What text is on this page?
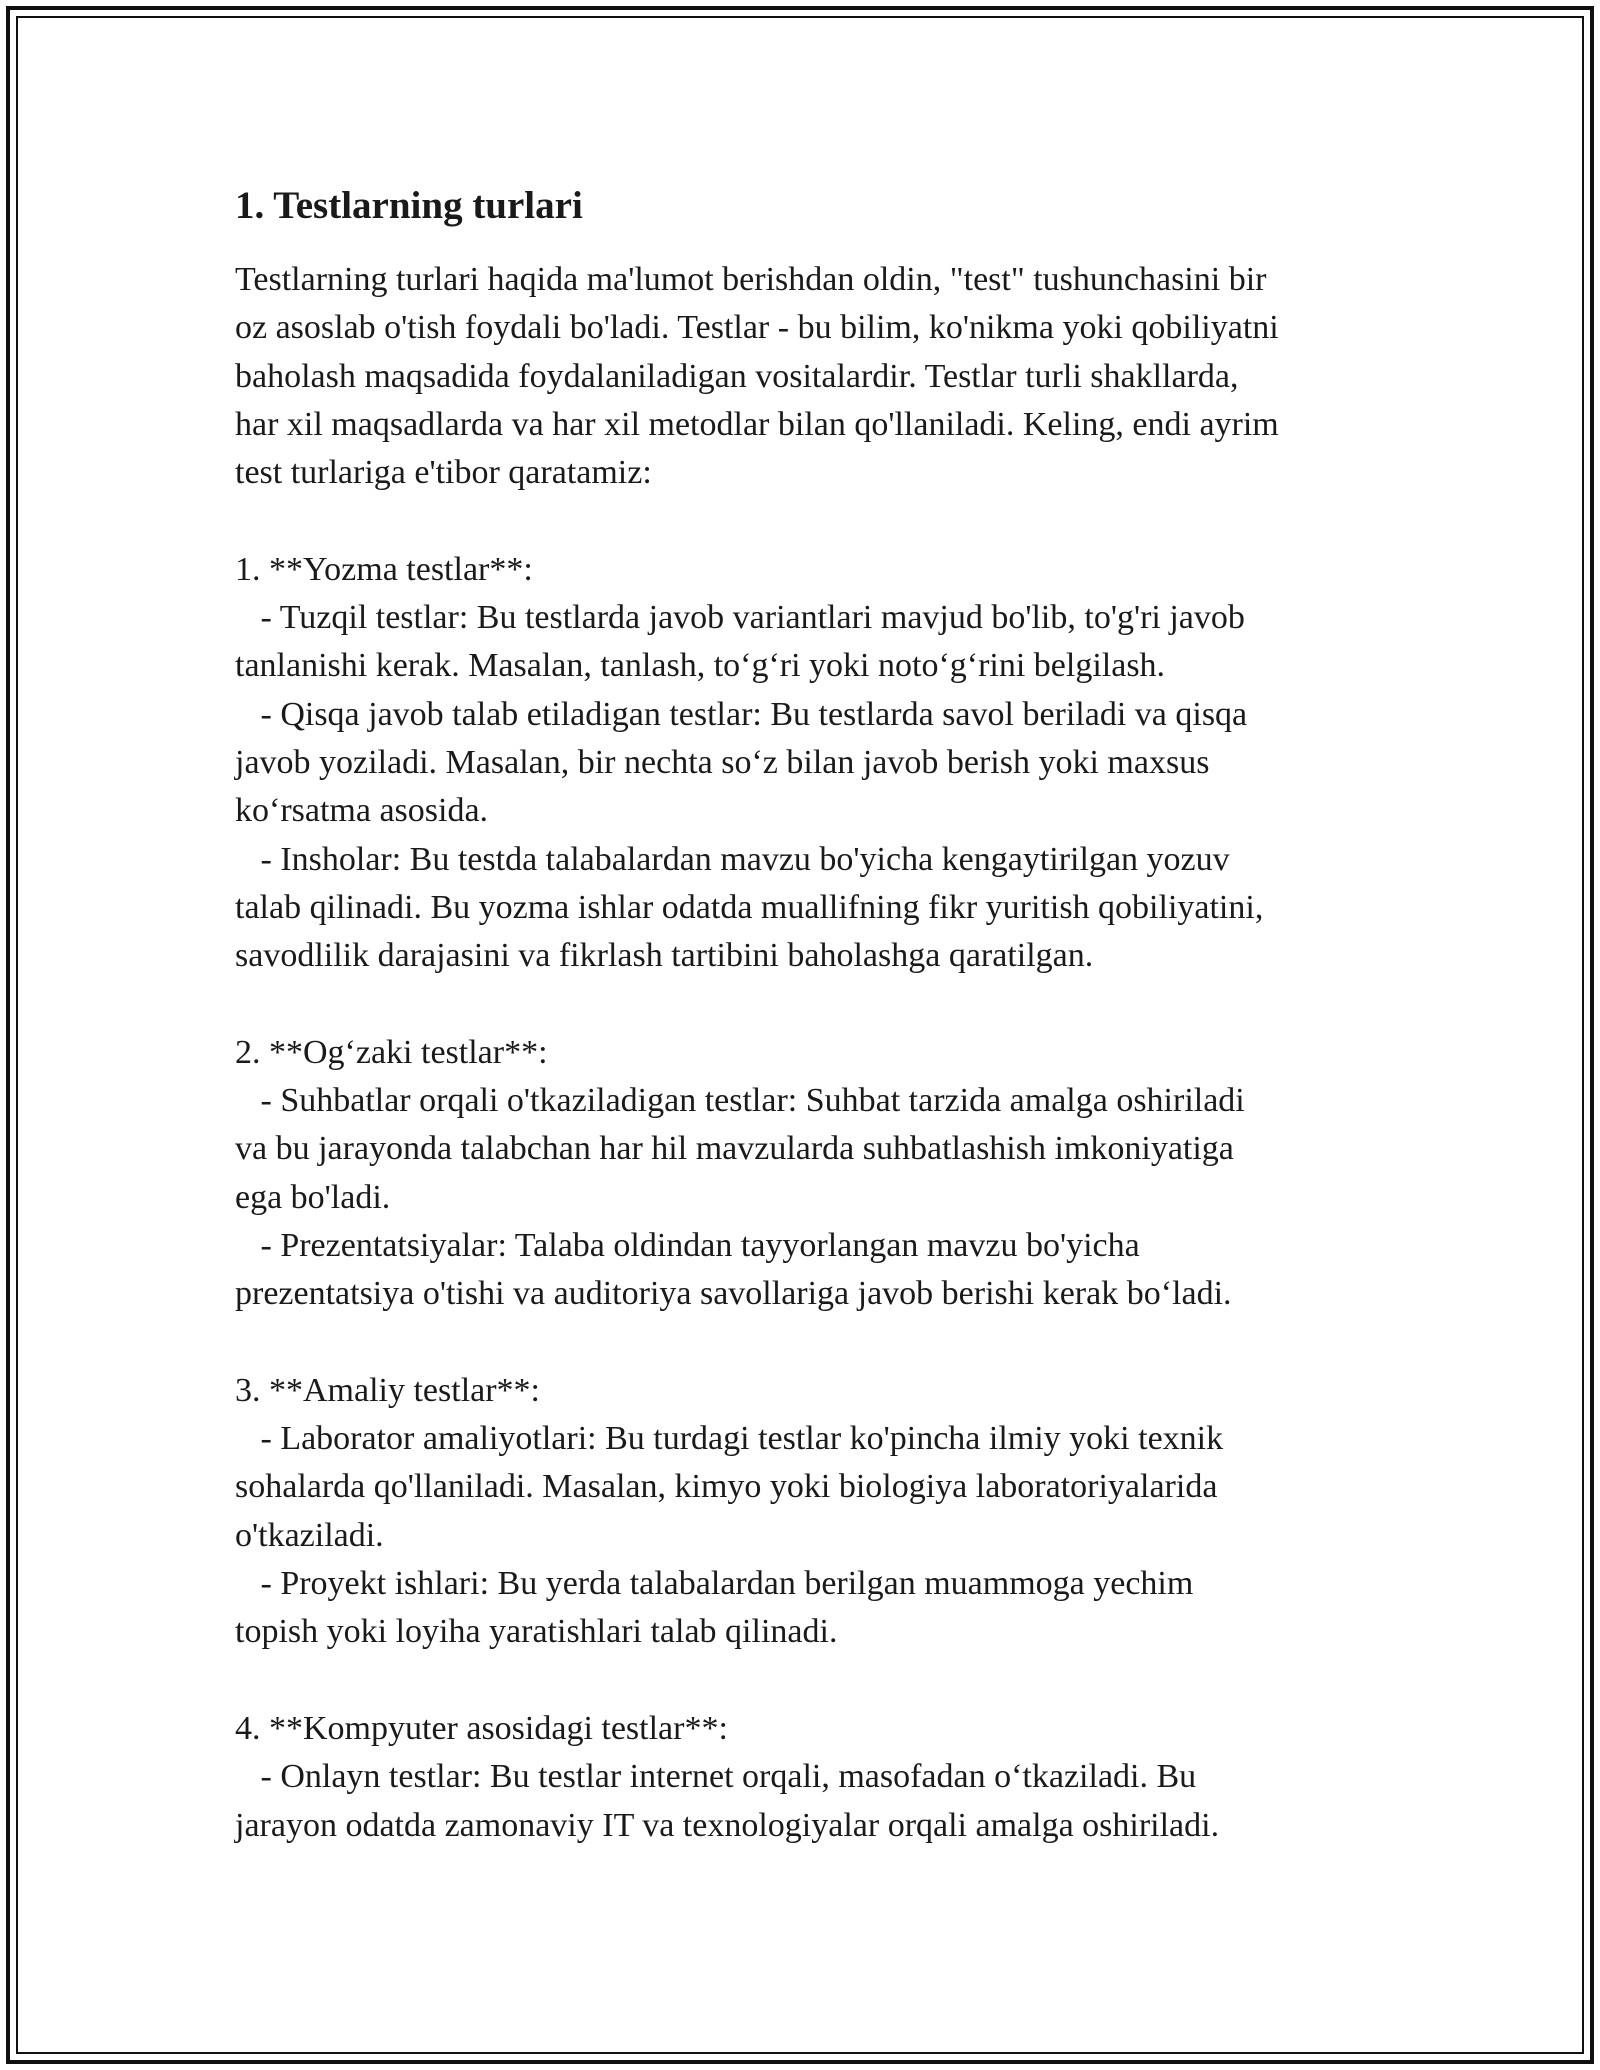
1. Testlarning turlari
Testlarning turlari haqida ma'lumot berishdan oldin, "test" tushunchasini bir
oz asoslab o'tish foydali bo'ladi. Testlar - bu bilim, ko'nikma yoki qobiliyatni
baholash maqsadida foydalaniladigan vositalardir. Testlar turli shakllarda,
har xil maqsadlarda va har xil metodlar bilan qo'llaniladi. Keling, endi ayrim
test turlariga e'tibor qaratamiz:
1. **Yozma testlar**:
- Tuzqil testlar: Bu testlarda javob variantlari mavjud bo'lib, to'g'ri javob
tanlanishi kerak. Masalan, tanlash, to‘g‘ri yoki noto‘g‘rini belgilash.
- Qisqa javob talab etiladigan testlar: Bu testlarda savol beriladi va qisqa
javob yoziladi. Masalan, bir nechta so‘z bilan javob berish yoki maxsus
ko‘rsatma asosida.
- Insholar: Bu testda talabalardan mavzu bo'yicha kengaytirilgan yozuv
talab qilinadi. Bu yozma ishlar odatda muallifning fikr yuritish qobiliyatini,
savodlilik darajasini va fikrlash tartibini baholashga qaratilgan.
2. **Og‘zaki testlar**:
- Suhbatlar orqali o'tkaziladigan testlar: Suhbat tarzida amalga oshiriladi
va bu jarayonda talabchan har hil mavzularda suhbatlashish imkoniyatiga
ega bo'ladi.
- Prezentatsiyalar: Talaba oldindan tayyorlangan mavzu bo'yicha
prezentatsiya o'tishi va auditoriya savollariga javob berishi kerak bo‘ladi.
3. **Amaliy testlar**:
- Laborator amaliyotlari: Bu turdagi testlar ko'pincha ilmiy yoki texnik
sohalarda qo'llaniladi. Masalan, kimyo yoki biologiya laboratoriyalarida
o'tkaziladi.
- Proyekt ishlari: Bu yerda talabalardan berilgan muammoga yechim
topish yoki loyiha yaratishlari talab qilinadi.
4. **Kompyuter asosidagi testlar**:
- Onlayn testlar: Bu testlar internet orqali, masofadan o‘tkaziladi. Bu
jarayon odatda zamonaviy IT va texnologiyalar orqali amalga oshiriladi.
